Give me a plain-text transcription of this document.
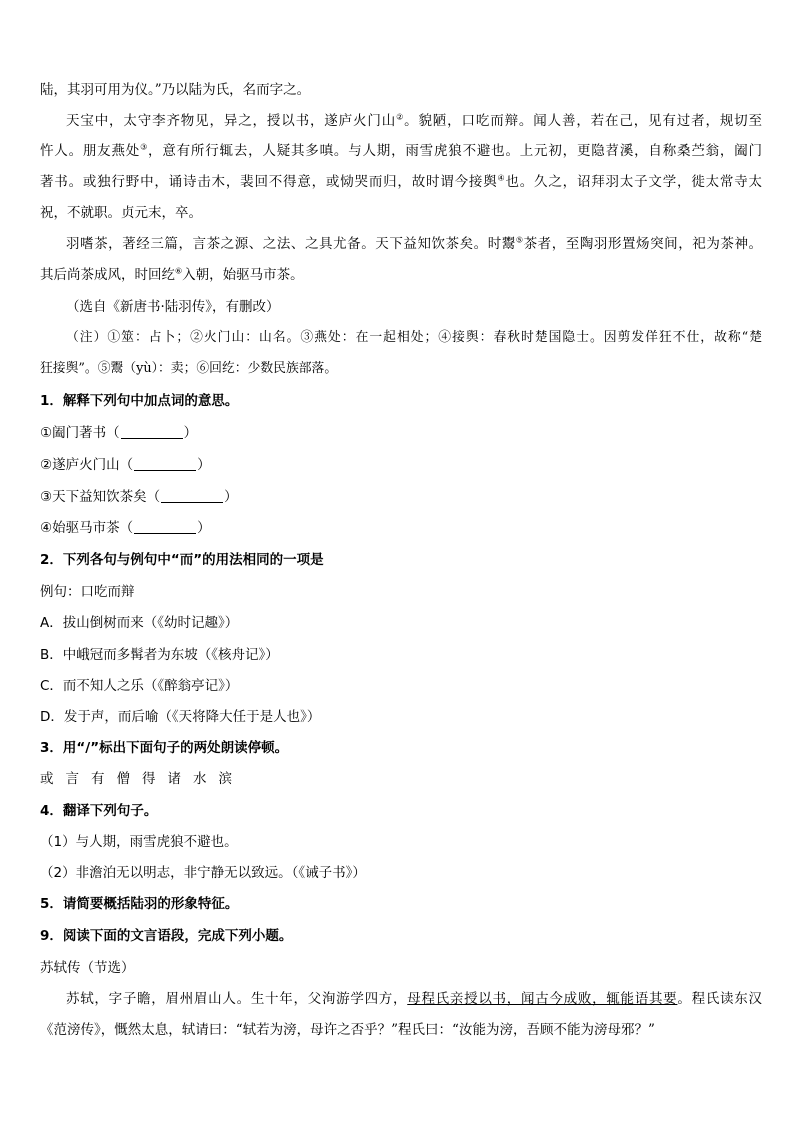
陆，其羽可用为仪。”乃以陆为氏，名而字之。
天宝中，太守李齐物见，异之，授以书，遂庐火门山②。貌陋，口吃而辩。闻人善，若在己，见有过者，规切至
忤人。朋友燕处③，意有所行辄去，人疑其多嗔。与人期，雨雪虎狼不避也。上元初，更隐苕溪，自称桑苎翁，阖门
著书。或独行野中，诵诗击木，裴回不得意，或恸哭而归，故时谓今接舆④也。久之，诏拜羽太子文学，徙太常寺太
祝，不就职。贞元末，卒。
羽嗜茶，著经三篇，言茶之源、之法、之具尤备。天下益知饮茶矣。时鬻⑤茶者，至陶羽形置炀突间，祀为茶神。
其后尚茶成风，时回纥⑥入朝，始驱马市茶。
（选自《新唐书·陆羽传》，有删改）
（注）①筮：占卜；②火门山：山名。③燕处：在一起相处；④接舆：春秋时楚国隐士。因剪发佯狂不仕，故称“楚
狂接舆”。⑤鬻（yù）：卖；⑥回纥：少数民族部落。
1．解释下列句中加点词的意思。
①阖门著书（	）
②遂庐火门山（	）
③天下益知饮茶矣（	）
④始驱马市茶（	）
2．下列各句与例句中“而”的用法相同的一项是
例句：口吃而辩
A．拔山倒树而来（《幼时记趣》）
B．中峨冠而多髯者为东坡（《核舟记》）
C．而不知人之乐（《醉翁亭记》）
D．发于声，而后喻（《天将降大任于是人也》）
3．用“/”标出下面句子的两处朗读停顿。
或言有僧得诸水滨
4．翻译下列句子。
（1）与人期，雨雪虎狼不避也。
（2）非澹泊无以明志，非宁静无以致远。（《诫子书》）
5．请简要概括陆羽的形象特征。
9．阅读下面的文言语段，完成下列小题。
苏轼传（节选）
苏轼，字子瞻，眉州眉山人。生十年，父洵游学四方，母程氏亲授以书，闻古今成败，辄能语其要。程氏读东汉
《范滂传》，慨然太息，轼请曰：“轼若为滂，母许之否乎？”程氏曰：“汝能为滂，吾顾不能为滂母邪？”
